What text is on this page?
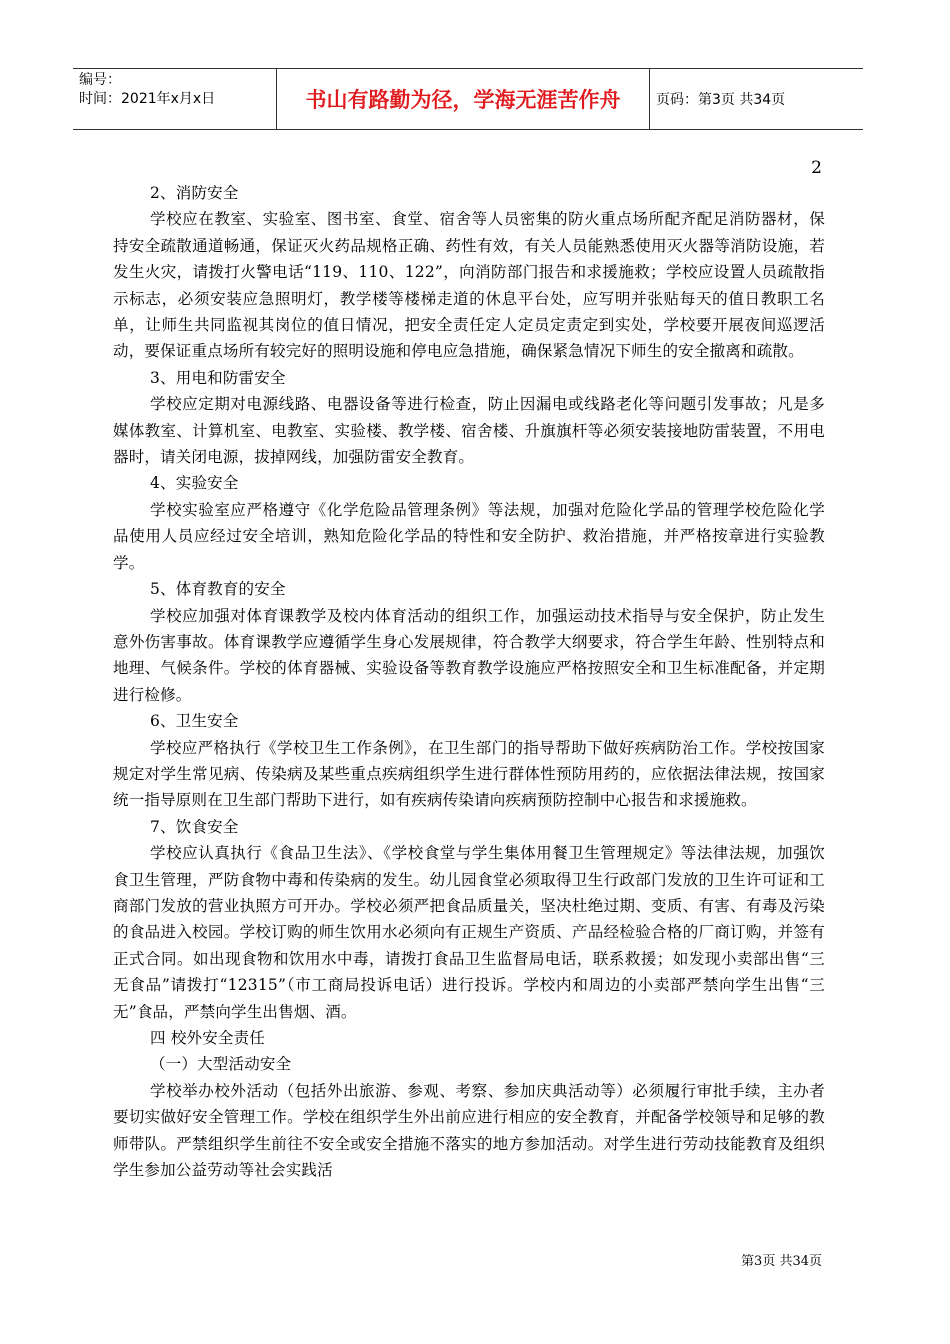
编号：
时间：2021年x月x日	书山有路勤为径，学海无涯苦作舟	页码：第3页 共34页
2

2、消防安全

学校应在教室、实验室、图书室、食堂、宿舍等人员密集的防火重点场所配齐配足消防器材，保持安全疏散通道畅通，保证灭火药品规格正确、药性有效，有关人员能熟悉使用灭火器等消防设施，若发生火灾，请拨打火警电话“119、110、122”，向消防部门报告和求援施救；学校应设置人员疏散指示标志，必须安装应急照明灯，教学楼等楼梯走道的休息平台处，应写明并张贴每天的值日教职工名单，让师生共同监视其岗位的值日情况，把安全责任定人定员定责定到实处，学校要开展夜间巡逻活动，要保证重点场所有较完好的照明设施和停电应急措施，确保紧急情况下师生的安全撤离和疏散。

3、用电和防雷安全

学校应定期对电源线路、电器设备等进行检查，防止因漏电或线路老化等问题引发事故；凡是多媒体教室、计算机室、电教室、实验楼、教学楼、宿舍楼、升旗旗杆等必须安装接地防雷装置，不用电器时，请关闭电源，拔掉网线，加强防雷安全教育。

4、实验安全

学校实验室应严格遵守《化学危险品管理条例》等法规，加强对危险化学品的管理学校危险化学品使用人员应经过安全培训，熟知危险化学品的特性和安全防护、救治措施，并严格按章进行实验教学。

5、体育教育的安全

学校应加强对体育课教学及校内体育活动的组织工作，加强运动技术指导与安全保护，防止发生意外伤害事故。体育课教学应遵循学生身心发展规律，符合教学大纲要求，符合学生年龄、性别特点和地理、气候条件。学校的体育器械、实验设备等教育教学设施应严格按照安全和卫生标准配备，并定期进行检修。

6、卫生安全

学校应严格执行《学校卫生工作条例》，在卫生部门的指导帮助下做好疾病防治工作。学校按国家规定对学生常见病、传染病及某些重点疾病组织学生进行群体性预防用药的，应依据法律法规，按国家统一指导原则在卫生部门帮助下进行，如有疾病传染请向疾病预防控制中心报告和求援施救。

7、饮食安全

学校应认真执行《食品卫生法》、《学校食堂与学生集体用餐卫生管理规定》等法律法规，加强饮食卫生管理，严防食物中毒和传染病的发生。幼儿园食堂必须取得卫生行政部门发放的卫生许可证和工商部门发放的营业执照方可开办。学校必须严把食品质量关，坚决杜绝过期、变质、有害、有毒及污染的食品进入校园。学校订购的师生饮用水必须向有正规生产资质、产品经检验合格的厂商订购，并签有正式合同。如出现食物和饮用水中毒，请拨打食品卫生监督局电话，联系救援；如发现小卖部出售“三无食品”请拨打“12315”（市工商局投诉电话）进行投诉。学校内和周边的小卖部严禁向学生出售“三无”食品，严禁向学生出售烟、酒。

四 校外安全责任

（一）大型活动安全

学校举办校外活动（包括外出旅游、参观、考察、参加庆典活动等）必须履行审批手续，主办者要切实做好安全管理工作。学校在组织学生外出前应进行相应的安全教育，并配备学校领导和足够的教师带队。严禁组织学生前往不安全或安全措施不落实的地方参加活动。对学生进行劳动技能教育及组织学生参加公益劳动等社会实践活

第3页 共34页
